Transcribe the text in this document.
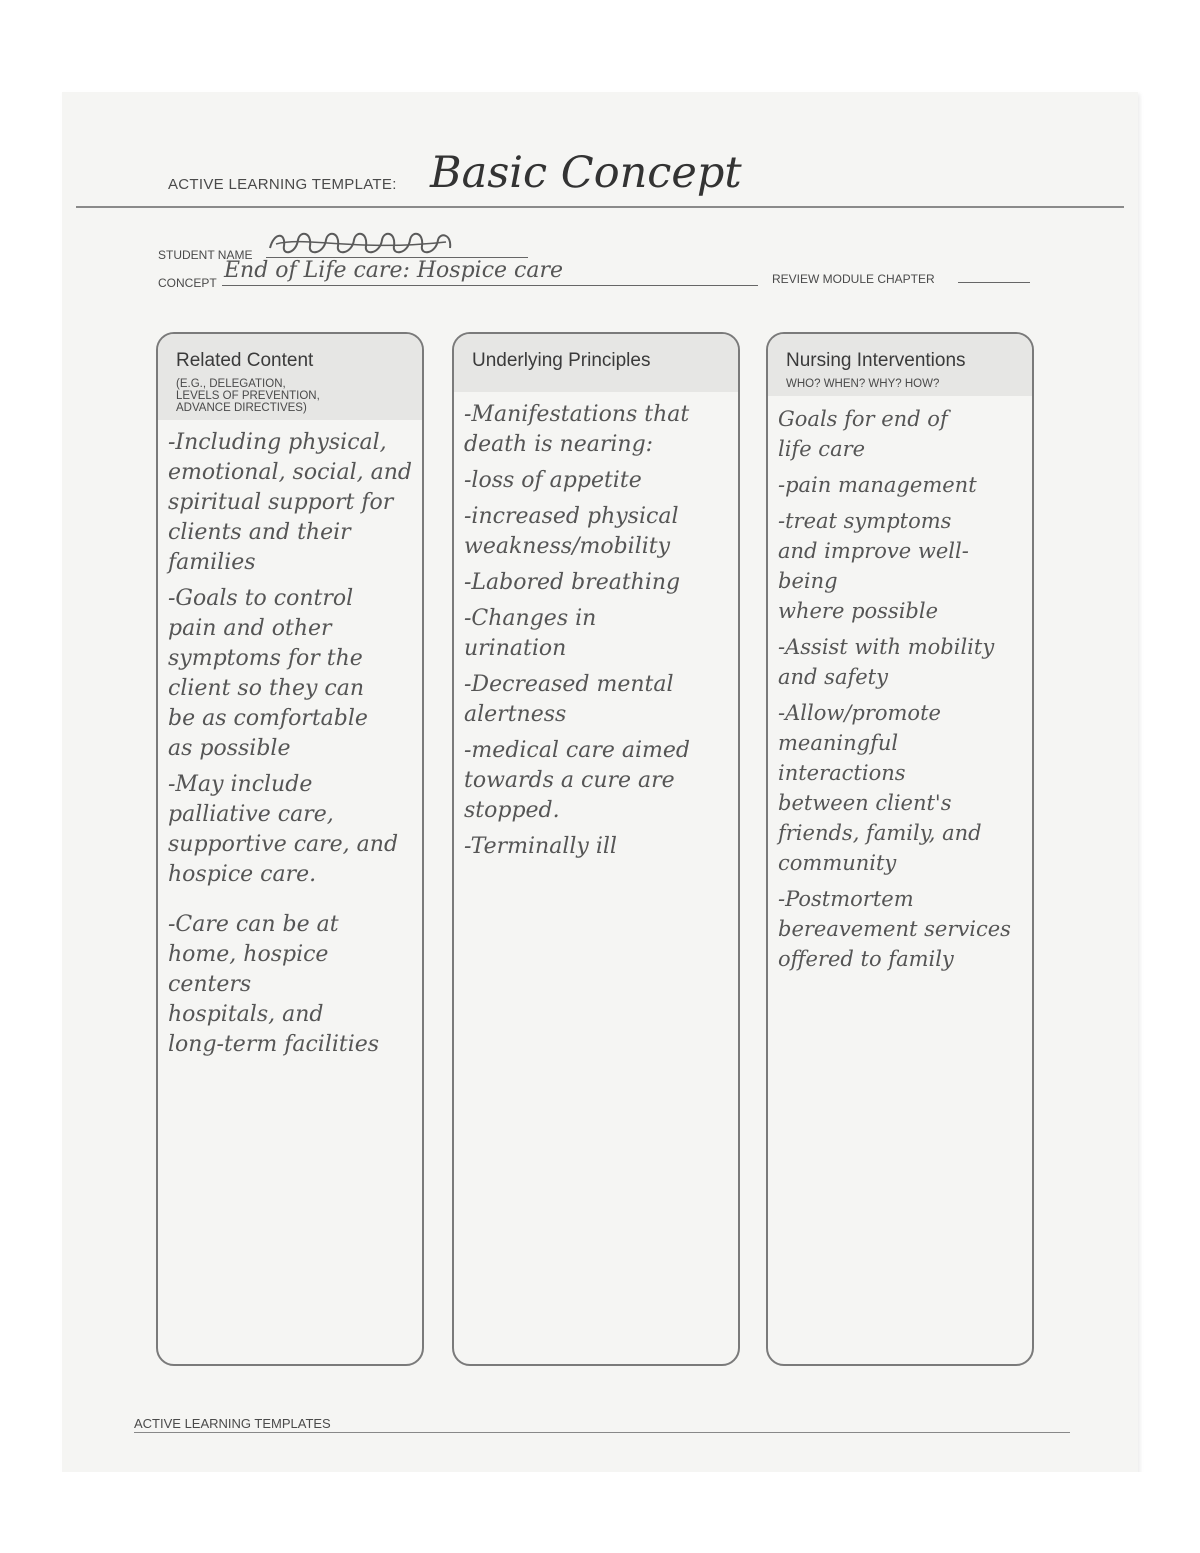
ACTIVE LEARNING TEMPLATE: Basic Concept
STUDENT NAME
CONCEPT End of Life care: Hospice care	REVIEW MODULE CHAPTER
Related Content
(E.G., DELEGATION,
LEVELS OF PREVENTION,
ADVANCE DIRECTIVES)
-Including physical,
emotional, social, and
spiritual support for
clients and their
families
-Goals to control
pain and other
symptoms for the
client so they can
be as comfortable
as possible
-May include
palliative care,
supportive care, and
hospice care.
-Care can be at
home, hospice centers
hospitals, and
long-term facilities
Underlying Principles
-Manifestations that
death is nearing:
-loss of appetite
-increased physical
weakness/mobility
-Labored breathing
-Changes in
urination
-Decreased mental
alertness
-medical care aimed
towards a cure are
stopped.
-Terminally ill
Nursing Interventions
WHO? WHEN? WHY? HOW?
Goals for end of
life care
-pain management
-treat symptoms
and improve well-being
where possible
-Assist with mobility
and safety
-Allow/promote
meaningful interactions
between client's
friends, family, and
community
-Postmortem
bereavement services
offered to family
ACTIVE LEARNING TEMPLATES
